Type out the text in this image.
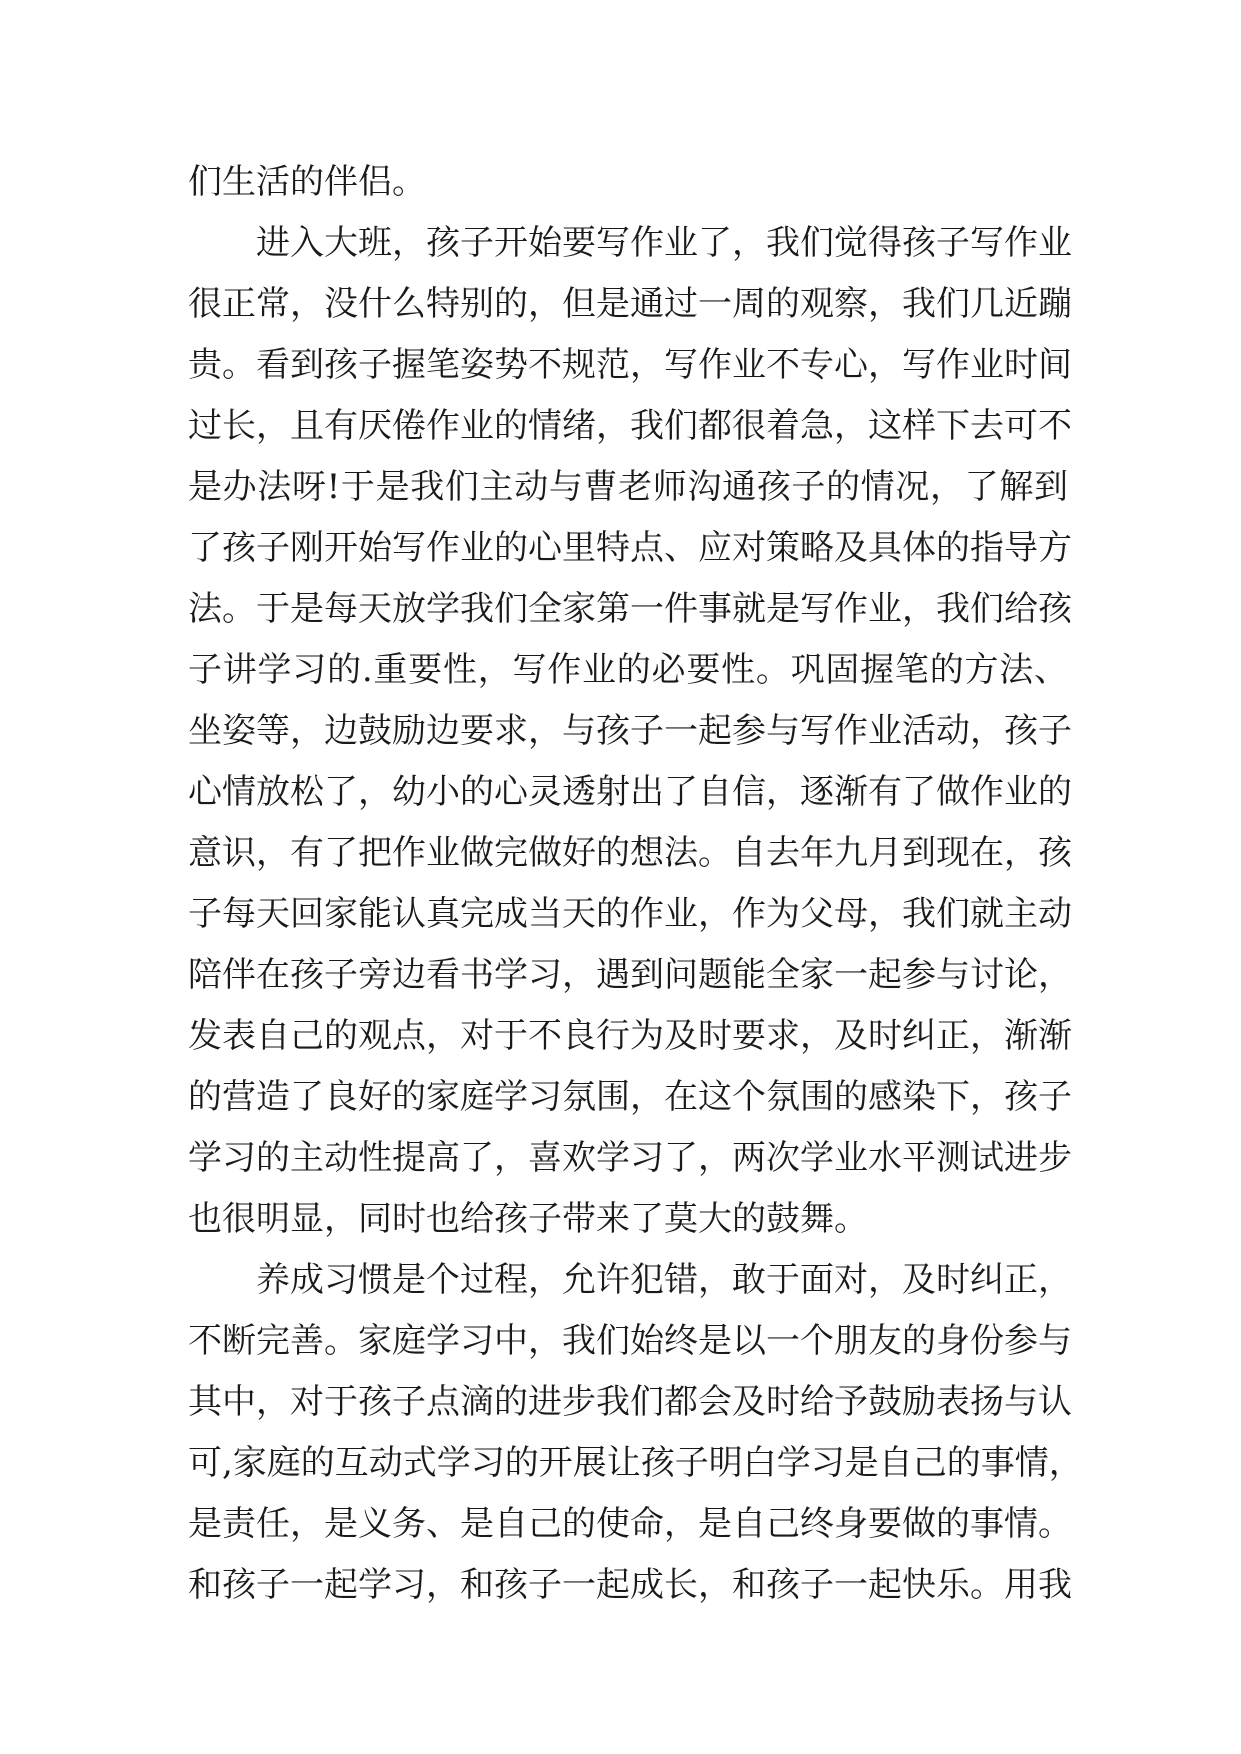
们生活的伴侣。
进入大班，孩子开始要写作业了，我们觉得孩子写作业
很正常，没什么特别的，但是通过一周的观察，我们几近蹦
贵。看到孩子握笔姿势不规范，写作业不专心，写作业时间
过长，且有厌倦作业的情绪，我们都很着急，这样下去可不
是办法呀!于是我们主动与曹老师沟通孩子的情况，了解到
了孩子刚开始写作业的心里特点、应对策略及具体的指导方
法。于是每天放学我们全家第一件事就是写作业，我们给孩
子讲学习的.重要性，写作业的必要性。巩固握笔的方法、
坐姿等，边鼓励边要求，与孩子一起参与写作业活动，孩子
心情放松了，幼小的心灵透射出了自信，逐渐有了做作业的
意识，有了把作业做完做好的想法。自去年九月到现在，孩
子每天回家能认真完成当天的作业，作为父母，我们就主动
陪伴在孩子旁边看书学习，遇到问题能全家一起参与讨论，
发表自己的观点，对于不良行为及时要求，及时纠正，渐渐
的营造了良好的家庭学习氛围，在这个氛围的感染下，孩子
学习的主动性提高了，喜欢学习了，两次学业水平测试进步
也很明显，同时也给孩子带来了莫大的鼓舞。
养成习惯是个过程，允许犯错，敢于面对，及时纠正，
不断完善。家庭学习中，我们始终是以一个朋友的身份参与
其中，对于孩子点滴的进步我们都会及时给予鼓励表扬与认
可,家庭的互动式学习的开展让孩子明白学习是自己的事情，
是责任，是义务、是自己的使命，是自己终身要做的事情。
和孩子一起学习，和孩子一起成长，和孩子一起快乐。用我
